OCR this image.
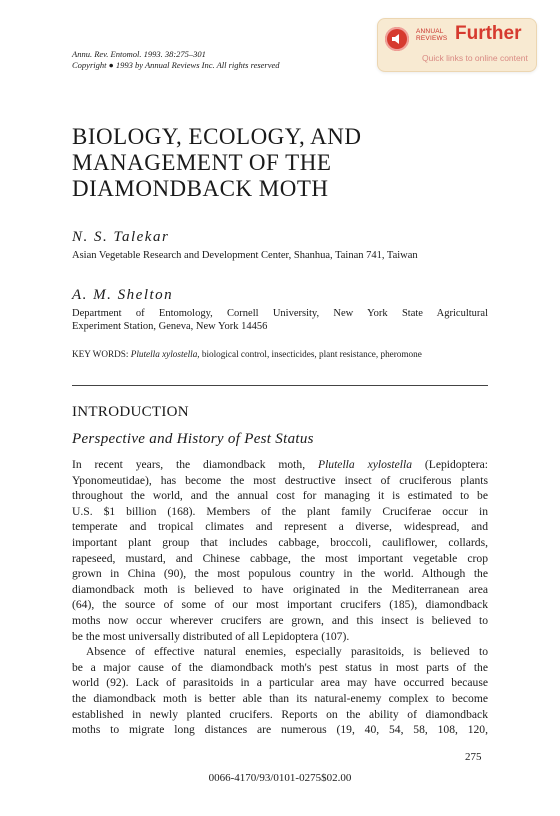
Annu. Rev. Entomol. 1993. 38:275–301
Copyright ● 1993 by Annual Reviews Inc. All rights reserved
ANNUAL
REVIEWS Further
Quick links to online content
BIOLOGY, ECOLOGY, AND
MANAGEMENT OF THE
DIAMONDBACK MOTH
N. S. Talekar
Asian Vegetable Research and Development Center, Shanhua, Tainan 741, Taiwan
A. M. Shelton
Department of Entomology, Cornell University, New York State Agricultural
Experiment Station, Geneva, New York 14456
KEY WORDS: Plutella xylostella, biological control, insecticides, plant resistance, pheromone
INTRODUCTION
Perspective and History of Pest Status
In recent years, the diamondback moth, Plutella xylostella (Lepidoptera:
Yponomeutidae), has become the most destructive insect of cruciferous plants
throughout the world, and the annual cost for managing it is estimated to be
U.S. $1 billion (168). Members of the plant family Cruciferae occur in
temperate and tropical climates and represent a diverse, widespread, and
important plant group that includes cabbage, broccoli, cauliflower, collards,
rapeseed, mustard, and Chinese cabbage, the most important vegetable crop
grown in China (90), the most populous country in the world. Although the
diamondback moth is believed to have originated in the Mediterranean area
(64), the source of some of our most important crucifers (185), diamondback
moths now occur wherever crucifers are grown, and this insect is believed to
be the most universally distributed of all Lepidoptera (107).
Absence of effective natural enemies, especially parasitoids, is believed to
be a major cause of the diamondback moth's pest status in most parts of the
world (92). Lack of parasitoids in a particular area may have occurred because
the diamondback moth is better able than its natural-enemy complex to become
established in newly planted crucifers. Reports on the ability of diamondback
moths to migrate long distances are numerous (19, 40, 54, 58, 108, 120,
275
0066-4170/93/0101-0275$02.00
